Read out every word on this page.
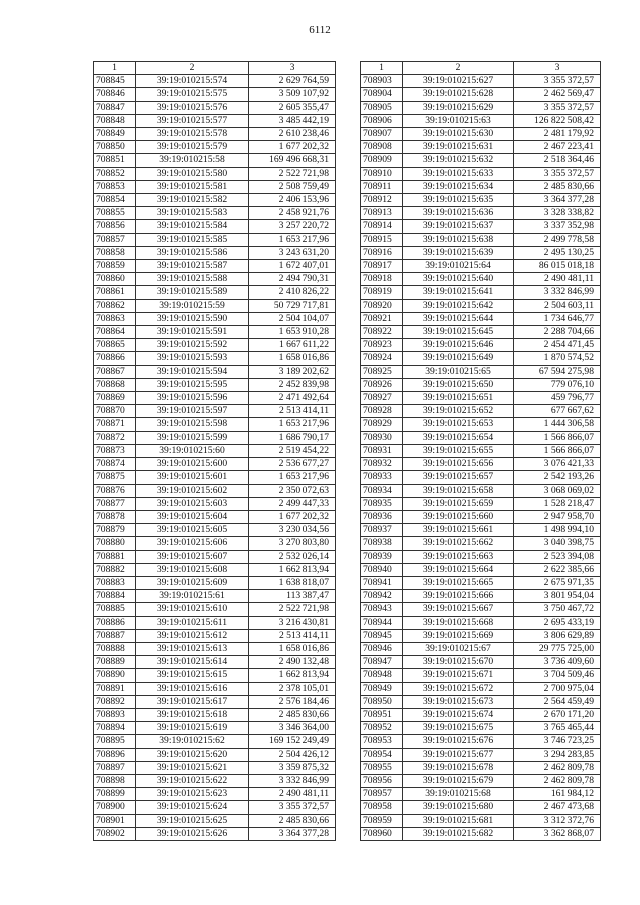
6112
1	2	3
708845	39:19:010215:574	2 629 764,59
708846	39:19:010215:575	3 509 107,92
708847	39:19:010215:576	2 605 355,47
708848	39:19:010215:577	3 485 442,19
708849	39:19:010215:578	2 610 238,46
708850	39:19:010215:579	1 677 202,32
708851	39:19:010215:58	169 496 668,31
708852	39:19:010215:580	2 522 721,98
708853	39:19:010215:581	2 508 759,49
708854	39:19:010215:582	2 406 153,96
708855	39:19:010215:583	2 458 921,76
708856	39:19:010215:584	3 257 220,72
708857	39:19:010215:585	1 653 217,96
708858	39:19:010215:586	3 243 631,20
708859	39:19:010215:587	1 672 407,01
708860	39:19:010215:588	2 494 790,31
708861	39:19:010215:589	2 410 826,22
708862	39:19:010215:59	50 729 717,81
708863	39:19:010215:590	2 504 104,07
708864	39:19:010215:591	1 653 910,28
708865	39:19:010215:592	1 667 611,22
708866	39:19:010215:593	1 658 016,86
708867	39:19:010215:594	3 189 202,62
708868	39:19:010215:595	2 452 839,98
708869	39:19:010215:596	2 471 492,64
708870	39:19:010215:597	2 513 414,11
708871	39:19:010215:598	1 653 217,96
708872	39:19:010215:599	1 686 790,17
708873	39:19:010215:60	2 519 454,22
708874	39:19:010215:600	2 536 677,27
708875	39:19:010215:601	1 653 217,96
708876	39:19:010215:602	2 350 072,63
708877	39:19:010215:603	2 499 447,33
708878	39:19:010215:604	1 677 202,32
708879	39:19:010215:605	3 230 034,56
708880	39:19:010215:606	3 270 803,80
708881	39:19:010215:607	2 532 026,14
708882	39:19:010215:608	1 662 813,94
708883	39:19:010215:609	1 638 818,07
708884	39:19:010215:61	113 387,47
708885	39:19:010215:610	2 522 721,98
708886	39:19:010215:611	3 216 430,81
708887	39:19:010215:612	2 513 414,11
708888	39:19:010215:613	1 658 016,86
708889	39:19:010215:614	2 490 132,48
708890	39:19:010215:615	1 662 813,94
708891	39:19:010215:616	2 378 105,01
708892	39:19:010215:617	2 576 184,46
708893	39:19:010215:618	2 485 830,66
708894	39:19:010215:619	3 346 364,00
708895	39:19:010215:62	169 152 249,49
708896	39:19:010215:620	2 504 426,12
708897	39:19:010215:621	3 359 875,32
708898	39:19:010215:622	3 332 846,99
708899	39:19:010215:623	2 490 481,11
708900	39:19:010215:624	3 355 372,57
708901	39:19:010215:625	2 485 830,66
708902	39:19:010215:626	3 364 377,28
1	2	3
708903	39:19:010215:627	3 355 372,57
708904	39:19:010215:628	2 462 569,47
708905	39:19:010215:629	3 355 372,57
708906	39:19:010215:63	126 822 508,42
708907	39:19:010215:630	2 481 179,92
708908	39:19:010215:631	2 467 223,41
708909	39:19:010215:632	2 518 364,46
708910	39:19:010215:633	3 355 372,57
708911	39:19:010215:634	2 485 830,66
708912	39:19:010215:635	3 364 377,28
708913	39:19:010215:636	3 328 338,82
708914	39:19:010215:637	3 337 352,98
708915	39:19:010215:638	2 499 778,58
708916	39:19:010215:639	2 495 130,25
708917	39:19:010215:64	86 015 018,18
708918	39:19:010215:640	2 490 481,11
708919	39:19:010215:641	3 332 846,99
708920	39:19:010215:642	2 504 603,11
708921	39:19:010215:644	1 734 646,77
708922	39:19:010215:645	2 288 704,66
708923	39:19:010215:646	2 454 471,45
708924	39:19:010215:649	1 870 574,52
708925	39:19:010215:65	67 594 275,98
708926	39:19:010215:650	779 076,10
708927	39:19:010215:651	459 796,77
708928	39:19:010215:652	677 667,62
708929	39:19:010215:653	1 444 306,58
708930	39:19:010215:654	1 566 866,07
708931	39:19:010215:655	1 566 866,07
708932	39:19:010215:656	3 076 421,33
708933	39:19:010215:657	2 542 193,26
708934	39:19:010215:658	3 068 069,02
708935	39:19:010215:659	1 528 218,47
708936	39:19:010215:660	2 947 958,70
708937	39:19:010215:661	1 498 994,10
708938	39:19:010215:662	3 040 398,75
708939	39:19:010215:663	2 523 394,08
708940	39:19:010215:664	2 622 385,66
708941	39:19:010215:665	2 675 971,35
708942	39:19:010215:666	3 801 954,04
708943	39:19:010215:667	3 750 467,72
708944	39:19:010215:668	2 695 433,19
708945	39:19:010215:669	3 806 629,89
708946	39:19:010215:67	29 775 725,00
708947	39:19:010215:670	3 736 409,60
708948	39:19:010215:671	3 704 509,46
708949	39:19:010215:672	2 700 975,04
708950	39:19:010215:673	2 564 459,49
708951	39:19:010215:674	2 670 171,20
708952	39:19:010215:675	3 765 465,44
708953	39:19:010215:676	3 746 723,25
708954	39:19:010215:677	3 294 283,85
708955	39:19:010215:678	2 462 809,78
708956	39:19:010215:679	2 462 809,78
708957	39:19:010215:68	161 984,12
708958	39:19:010215:680	2 467 473,68
708959	39:19:010215:681	3 312 372,76
708960	39:19:010215:682	3 362 868,07
